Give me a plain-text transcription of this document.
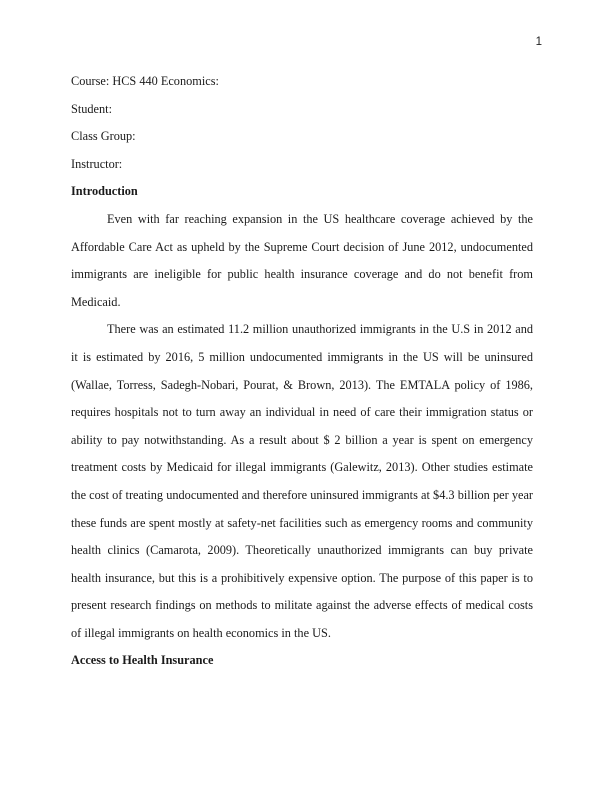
1

Course: HCS 440 Economics:

Student:

Class Group:

Instructor:

Introduction

Even with far reaching expansion in the US healthcare coverage achieved by the Affordable Care Act as upheld by the Supreme Court decision of June 2012, undocumented immigrants are ineligible for public health insurance coverage and do not benefit from Medicaid.

There was an estimated 11.2 million unauthorized immigrants in the U.S in 2012 and it is estimated by 2016, 5 million undocumented immigrants in the US will be uninsured (Wallae, Torress, Sadegh-Nobari, Pourat, & Brown, 2013). The EMTALA policy of 1986, requires hospitals not to turn away an individual in need of care their immigration status or ability to pay notwithstanding. As a result about $ 2 billion a year is spent on emergency treatment costs by Medicaid for illegal immigrants (Galewitz, 2013). Other studies estimate the cost of treating undocumented and therefore uninsured immigrants at $4.3 billion per year these funds are spent mostly at safety-net facilities such as emergency rooms and community health clinics (Camarota, 2009). Theoretically unauthorized immigrants can buy private health insurance, but this is a prohibitively expensive option. The purpose of this paper is to present research findings on methods to militate against the adverse effects of medical costs of illegal immigrants on health economics in the US.

Access to Health Insurance
